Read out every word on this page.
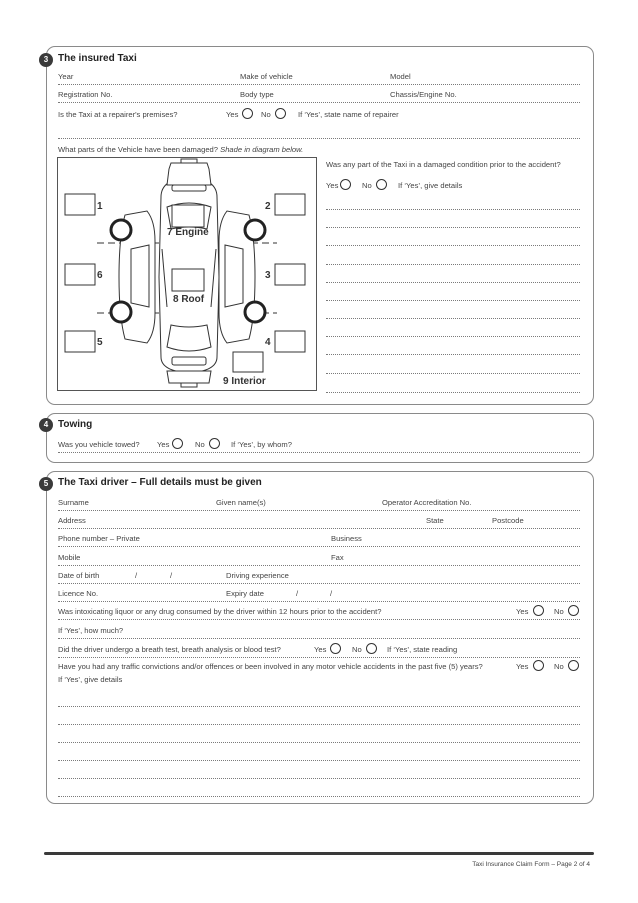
3 The insured Taxi
Year	Make of vehicle	Model
Registration No.	Body type	Chassis/Engine No.
Is the Taxi at a repairer's premises?	Yes	No	If ‘Yes’, state name of repairer
What parts of the Vehicle have been damaged? Shade in diagram below.
Was any part of the Taxi in a damaged condition prior to the accident?
Yes	No	If ‘Yes’, give details
1	2
6	3
5	4
7 Engine
8 Roof
9 Interior
4 Towing
Was you vehicle towed? Yes	No	If ‘Yes’, by whom?
5 The Taxi driver – Full details must be given
Surname	Given name(s)	Operator Accreditation No.
Address	State	Postcode
Phone number – Private	Business
Mobile	Fax
Date of birth	/	/	Driving experience
Licence No.	Expiry date	/	/
Was intoxicating liquor or any drug consumed by the driver within 12 hours prior to the accident?	Yes	No
If ‘Yes’, how much?
Did the driver undergo a breath test, breath analysis or blood test?	Yes	No	If ‘Yes’, state reading
Have you had any traffic convictions and/or offences or been involved in any motor vehicle accidents in the past five (5) years?	Yes	No
If ‘Yes’, give details
Taxi Insurance Claim Form – Page 2 of 4
